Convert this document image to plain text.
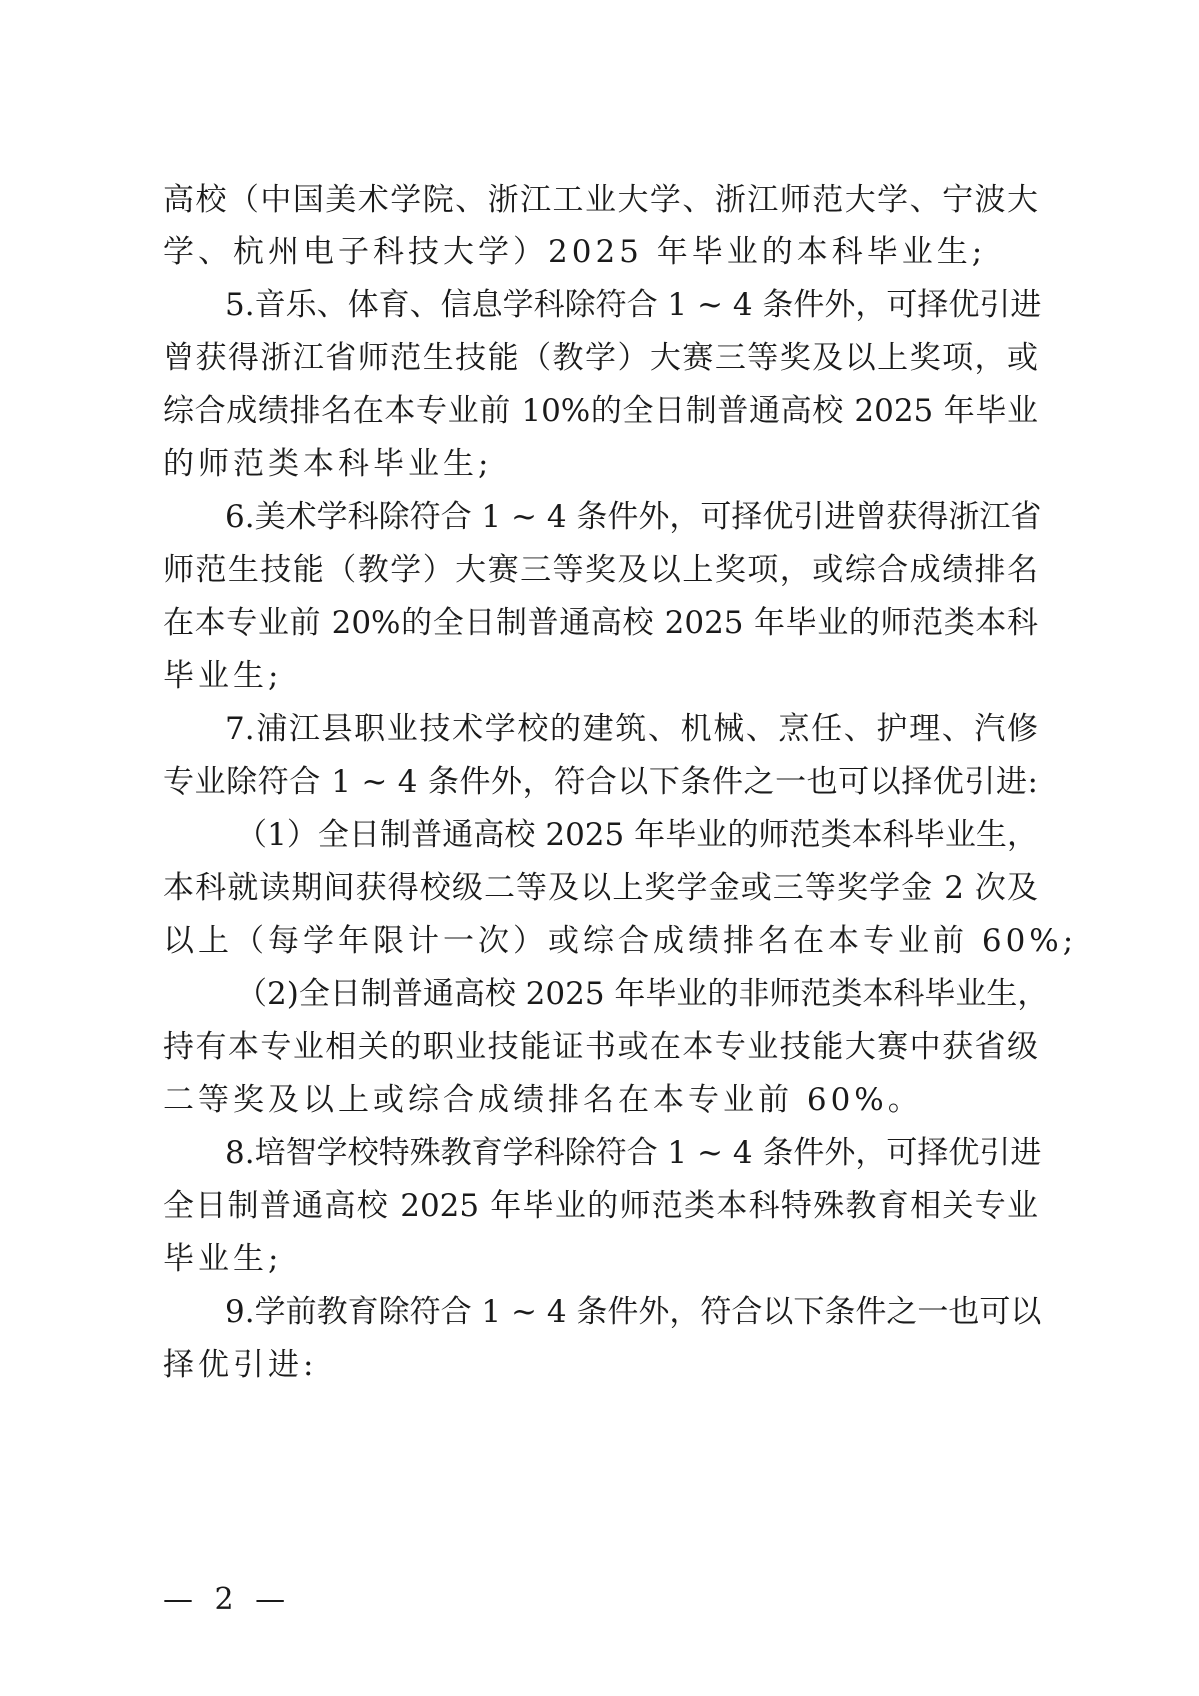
高校（中国美术学院、浙江工业大学、浙江师范大学、宁波大
学、杭州电子科技大学）2025 年毕业的本科毕业生;
5.音乐、体育、信息学科除符合 1 ~ 4 条件外，可择优引进
曾获得浙江省师范生技能（教学）大赛三等奖及以上奖项，或
综合成绩排名在本专业前 10%的全日制普通高校 2025 年毕业
的师范类本科毕业生;
6.美术学科除符合 1 ~ 4 条件外，可择优引进曾获得浙江省
师范生技能（教学）大赛三等奖及以上奖项，或综合成绩排名
在本专业前 20%的全日制普通高校 2025 年毕业的师范类本科
毕业生;
7.浦江县职业技术学校的建筑、机械、烹任、护理、汽修
专业除符合 1 ~ 4 条件外，符合以下条件之一也可以择优引进:
（1）全日制普通高校 2025 年毕业的师范类本科毕业生，
本科就读期间获得校级二等及以上奖学金或三等奖学金 2 次及
以上（每学年限计一次）或综合成绩排名在本专业前 60%;
（2)全日制普通高校 2025 年毕业的非师范类本科毕业生，
持有本专业相关的职业技能证书或在本专业技能大赛中获省级
二等奖及以上或综合成绩排名在本专业前 60%。
8.培智学校特殊教育学科除符合 1 ~ 4 条件外，可择优引进
全日制普通高校 2025 年毕业的师范类本科特殊教育相关专业
毕业生;
9.学前教育除符合 1 ~ 4 条件外，符合以下条件之一也可以
择优引进:
— 2 —
